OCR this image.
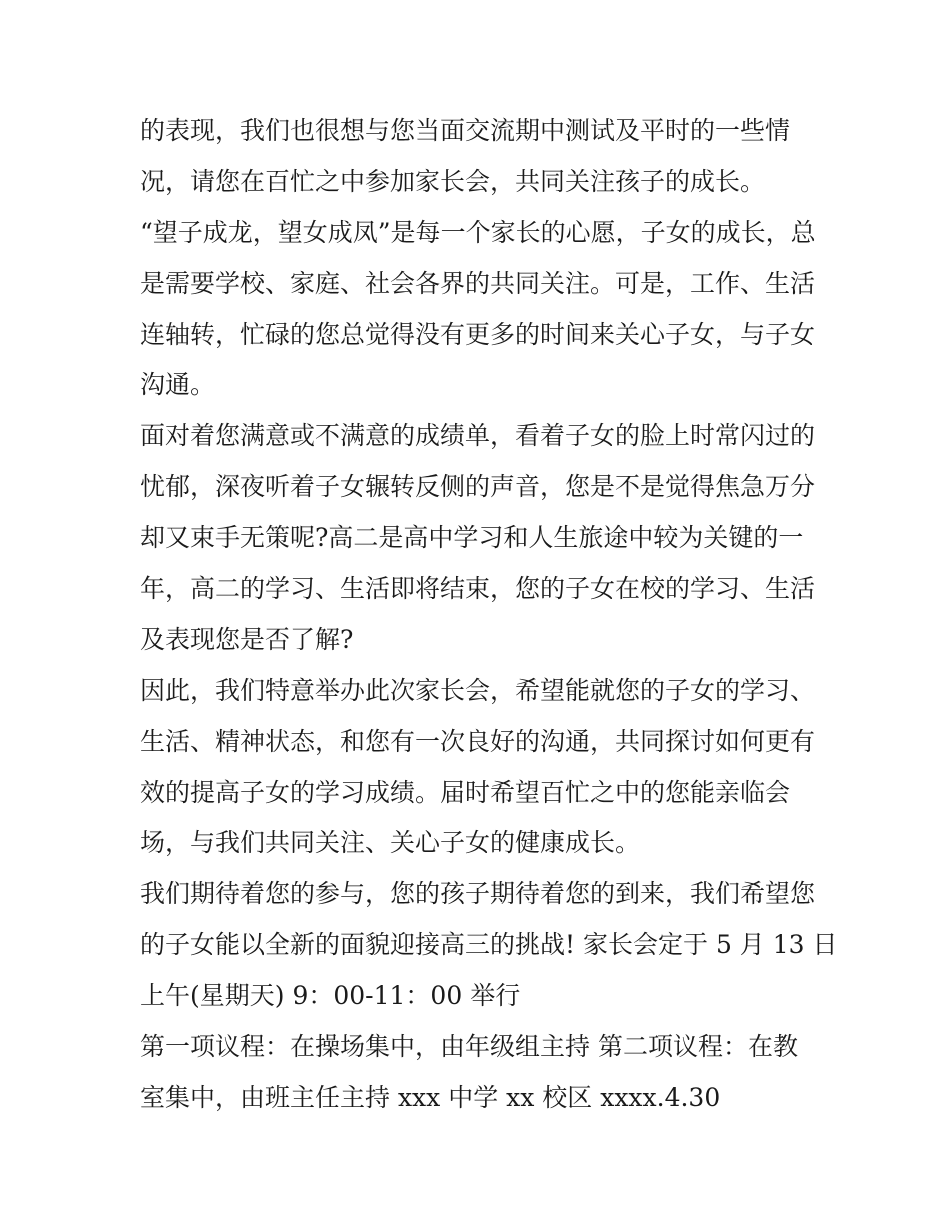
的表现，我们也很想与您当面交流期中测试及平时的一些情
况，请您在百忙之中参加家长会，共同关注孩子的成长。
“望子成龙，望女成凤”是每一个家长的心愿，子女的成长，总
是需要学校、家庭、社会各界的共同关注。可是，工作、生活
连轴转，忙碌的您总觉得没有更多的时间来关心子女，与子女
沟通。
面对着您满意或不满意的成绩单，看着子女的脸上时常闪过的
忧郁，深夜听着子女辗转反侧的声音，您是不是觉得焦急万分
却又束手无策呢?高二是高中学习和人生旅途中较为关键的一
年，高二的学习、生活即将结束，您的子女在校的学习、生活
及表现您是否了解?
因此，我们特意举办此次家长会，希望能就您的子女的学习、
生活、精神状态，和您有一次良好的沟通，共同探讨如何更有
效的提高子女的学习成绩。届时希望百忙之中的您能亲临会
场，与我们共同关注、关心子女的健康成长。
我们期待着您的参与，您的孩子期待着您的到来，我们希望您
的子女能以全新的面貌迎接高三的挑战! 家长会定于 5 月 13 日
上午(星期天) 9：00-11：00 举行
第一项议程：在操场集中，由年级组主持 第二项议程：在教
室集中，由班主任主持 xxx 中学 xx 校区 xxxx.4.30
